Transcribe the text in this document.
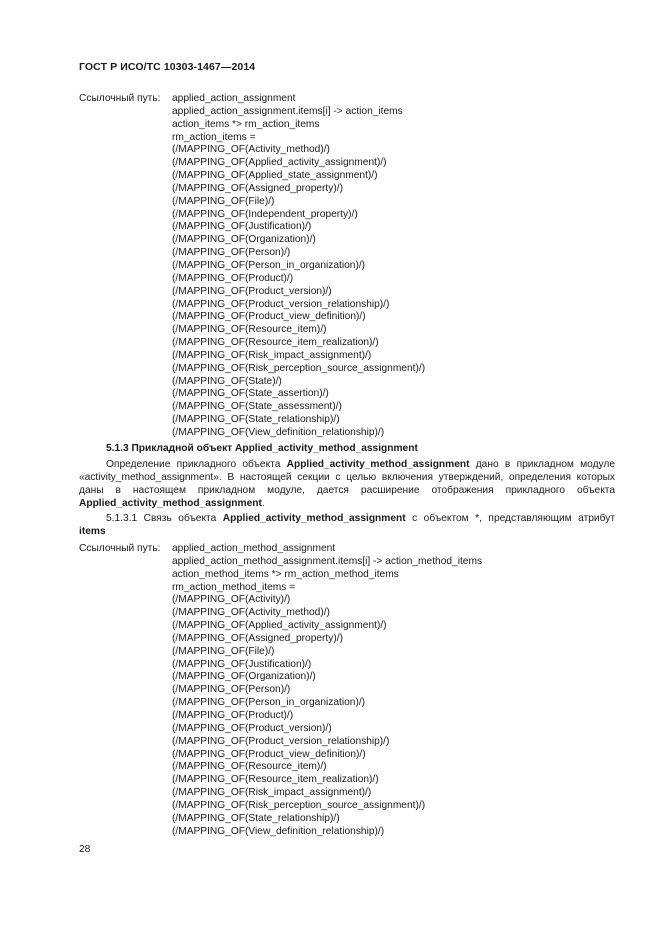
ГОСТ Р ИСО/ТС 10303-1467—2014
Ссылочный путь: applied_action_assignment
applied_action_assignment.items[i] -> action_items
action_items *> rm_action_items
rm_action_items =
(/MAPPING_OF(Activity_method)/)
(/MAPPING_OF(Applied_activity_assignment)/)
(/MAPPING_OF(Applied_state_assignment)/)
(/MAPPING_OF(Assigned_property)/)
(/MAPPING_OF(File)/)
(/MAPPING_OF(Independent_property)/)
(/MAPPING_OF(Justification)/)
(/MAPPING_OF(Organization)/)
(/MAPPING_OF(Person)/)
(/MAPPING_OF(Person_in_organization)/)
(/MAPPING_OF(Product)/)
(/MAPPING_OF(Product_version)/)
(/MAPPING_OF(Product_version_relationship)/)
(/MAPPING_OF(Product_view_definition)/)
(/MAPPING_OF(Resource_item)/)
(/MAPPING_OF(Resource_item_realization)/)
(/MAPPING_OF(Risk_impact_assignment)/)
(/MAPPING_OF(Risk_perception_source_assignment)/)
(/MAPPING_OF(State)/)
(/MAPPING_OF(State_assertion)/)
(/MAPPING_OF(State_assessment)/)
(/MAPPING_OF(State_relationship)/)
(/MAPPING_OF(View_definition_relationship)/)
5.1.3 Прикладной объект Applied_activity_method_assignment
Определение прикладного объекта Applied_activity_method_assignment дано в прикладном модуле «activity_method_assignment». В настоящей секции с целью включения утверждений, определения которых даны в настоящем прикладном модуле, дается расширение отображения прикладного объекта Applied_activity_method_assignment.
5.1.3.1 Связь объекта Applied_activity_method_assignment с объектом *, представляющим атрибут items
Ссылочный путь: applied_action_method_assignment
applied_action_method_assignment.items[i] -> action_method_items
action_method_items *> rm_action_method_items
rm_action_method_items =
(/MAPPING_OF(Activity)/)
(/MAPPING_OF(Activity_method)/)
(/MAPPING_OF(Applied_activity_assignment)/)
(/MAPPING_OF(Assigned_property)/)
(/MAPPING_OF(File)/)
(/MAPPING_OF(Justification)/)
(/MAPPING_OF(Organization)/)
(/MAPPING_OF(Person)/)
(/MAPPING_OF(Person_in_organization)/)
(/MAPPING_OF(Product)/)
(/MAPPING_OF(Product_version)/)
(/MAPPING_OF(Product_version_relationship)/)
(/MAPPING_OF(Product_view_definition)/)
(/MAPPING_OF(Resource_item)/)
(/MAPPING_OF(Resource_item_realization)/)
(/MAPPING_OF(Risk_impact_assignment)/)
(/MAPPING_OF(Risk_perception_source_assignment)/)
(/MAPPING_OF(State_relationship)/)
(/MAPPING_OF(View_definition_relationship)/)
28
